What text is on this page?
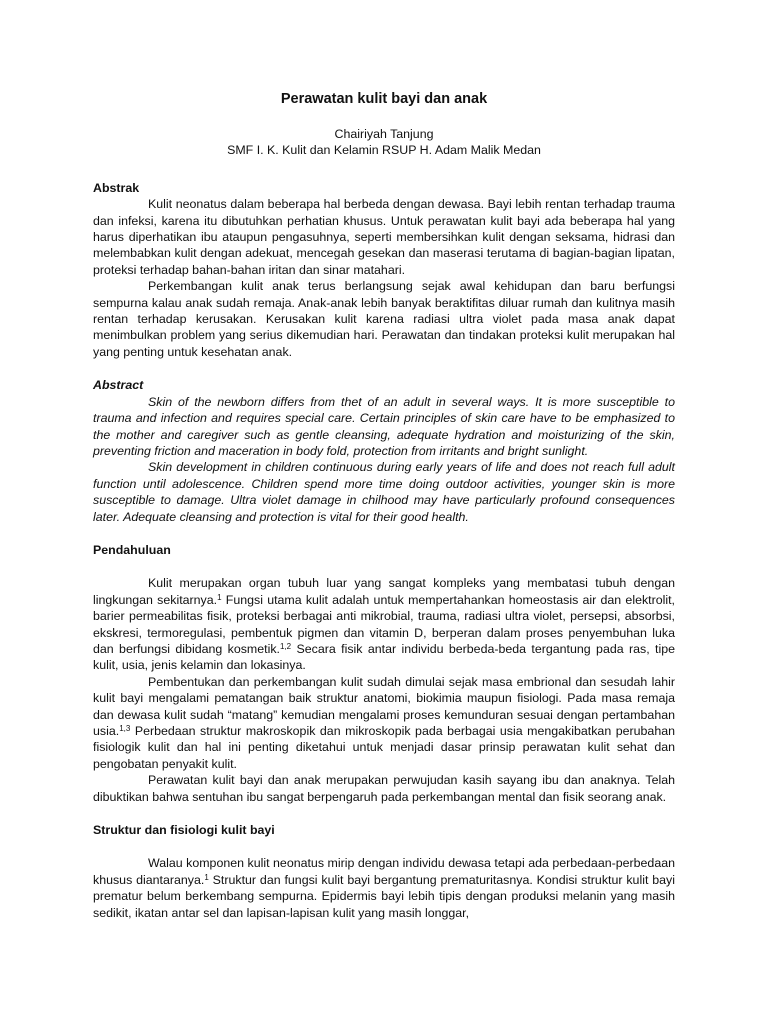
Perawatan kulit bayi dan anak
Chairiyah Tanjung
SMF I. K. Kulit dan Kelamin RSUP H. Adam Malik Medan
Abstrak

Kulit neonatus dalam beberapa hal berbeda dengan dewasa. Bayi lebih rentan terhadap trauma dan infeksi, karena itu dibutuhkan perhatian khusus. Untuk perawatan kulit bayi ada beberapa hal yang harus diperhatikan ibu ataupun pengasuhnya, seperti membersihkan kulit dengan seksama, hidrasi dan melembabkan kulit dengan adekuat, mencegah gesekan dan maserasi terutama di bagian-bagian lipatan, proteksi terhadap bahan-bahan iritan dan sinar matahari.

Perkembangan kulit anak terus berlangsung sejak awal kehidupan dan baru berfungsi sempurna kalau anak sudah remaja. Anak-anak lebih banyak beraktifitas diluar rumah dan kulitnya masih rentan terhadap kerusakan. Kerusakan kulit karena radiasi ultra violet pada masa anak dapat menimbulkan problem yang serius dikemudian hari. Perawatan dan tindakan proteksi kulit merupakan hal yang penting untuk kesehatan anak.

Abstract

Skin of the newborn differs from thet of an adult in several ways. It is more susceptible to trauma and infection and requires special care. Certain principles of skin care have to be emphasized to the mother and caregiver such as gentle cleansing, adequate hydration and moisturizing of the skin, preventing friction and maceration in body fold, protection from irritants and bright sunlight.

Skin development in children continuous during early years of life and does not reach full adult function until adolescence. Children spend more time doing outdoor activities, younger skin is more susceptible to damage. Ultra violet damage in chilhood may have particularly profound consequences later. Adequate cleansing and protection is vital for their good health.

Pendahuluan

Kulit merupakan organ tubuh luar yang sangat kompleks yang membatasi tubuh dengan lingkungan sekitarnya.$^1$ Fungsi utama kulit adalah untuk mempertahankan homeostasis air dan elektrolit, barier permeabilitas fisik, proteksi berbagai anti mikrobial, trauma, radiasi ultra violet, persepsi, absorbsi, ekskresi, termoregulasi, pembentuk pigmen dan vitamin D, berperan dalam proses penyembuhan luka dan berfungsi dibidang kosmetik.$^{1,2}$ Secara fisik antar individu berbeda-beda tergantung pada ras, tipe kulit, usia, jenis kelamin dan lokasinya.

Pembentukan dan perkembangan kulit sudah dimulai sejak masa embrional dan sesudah lahir kulit bayi mengalami pematangan baik struktur anatomi, biokimia maupun fisiologi. Pada masa remaja dan dewasa kulit sudah “matang” kemudian mengalami proses kemunduran sesuai dengan pertambahan usia.$^{1,3}$ Perbedaan struktur makroskopik dan mikroskopik pada berbagai usia mengakibatkan perubahan fisiologik kulit dan hal ini penting diketahui untuk menjadi dasar prinsip perawatan kulit sehat dan pengobatan penyakit kulit.

Perawatan kulit bayi dan anak merupakan perwujudan kasih sayang ibu dan anaknya. Telah dibuktikan bahwa sentuhan ibu sangat berpengaruh pada perkembangan mental dan fisik seorang anak.

Struktur dan fisiologi kulit bayi

Walau komponen kulit neonatus mirip dengan individu dewasa tetapi ada perbedaan-perbedaan khusus diantaranya.$^1$ Struktur dan fungsi kulit bayi bergantung prematuritasnya. Kondisi struktur kulit bayi prematur belum berkembang sempurna. Epidermis bayi lebih tipis dengan produksi melanin yang masih sedikit, ikatan antar sel dan lapisan-lapisan kulit yang masih longgar,
